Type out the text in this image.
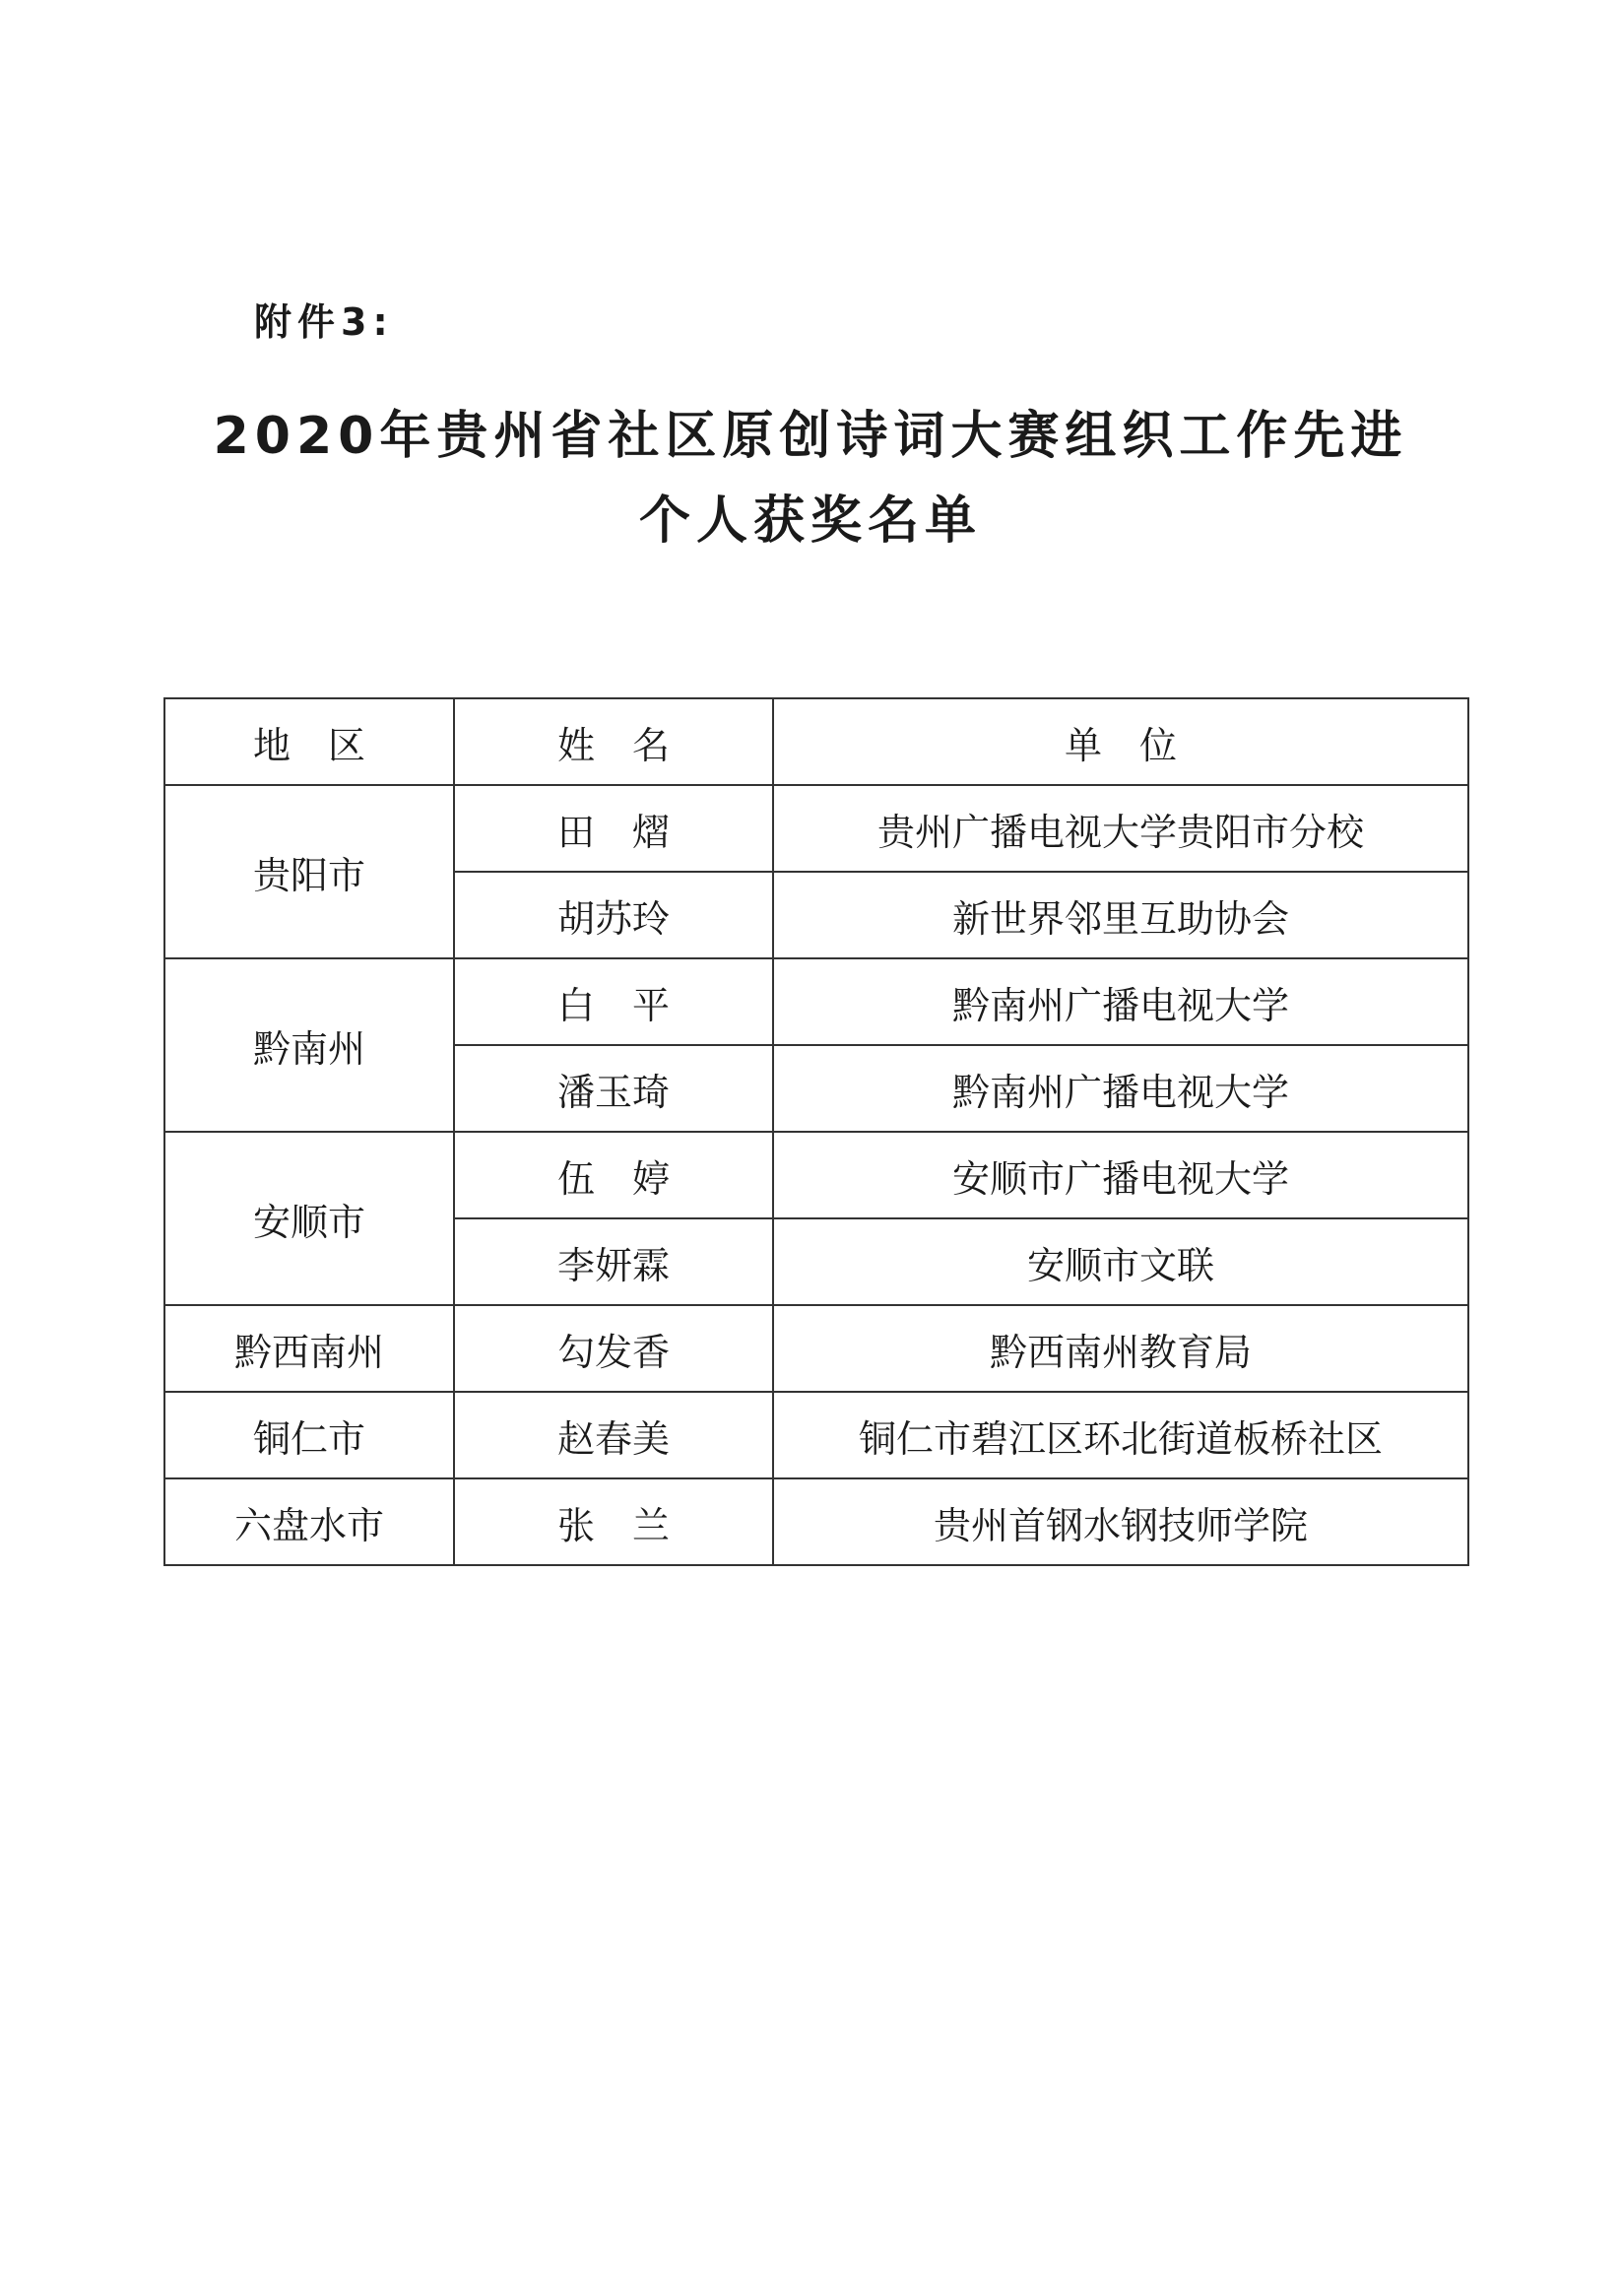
附件3:
2020年贵州省社区原创诗词大赛组织工作先进
个人获奖名单
地　区	姓　名	单　位
贵阳市	田　熠	贵州广播电视大学贵阳市分校
	胡苏玲	新世界邻里互助协会
黔南州	白　平	黔南州广播电视大学
	潘玉琦	黔南州广播电视大学
安顺市	伍　婷	安顺市广播电视大学
	李妍霖	安顺市文联
黔西南州	勾发香	黔西南州教育局
铜仁市	赵春美	铜仁市碧江区环北街道板桥社区
六盘水市	张　兰	贵州首钢水钢技师学院
